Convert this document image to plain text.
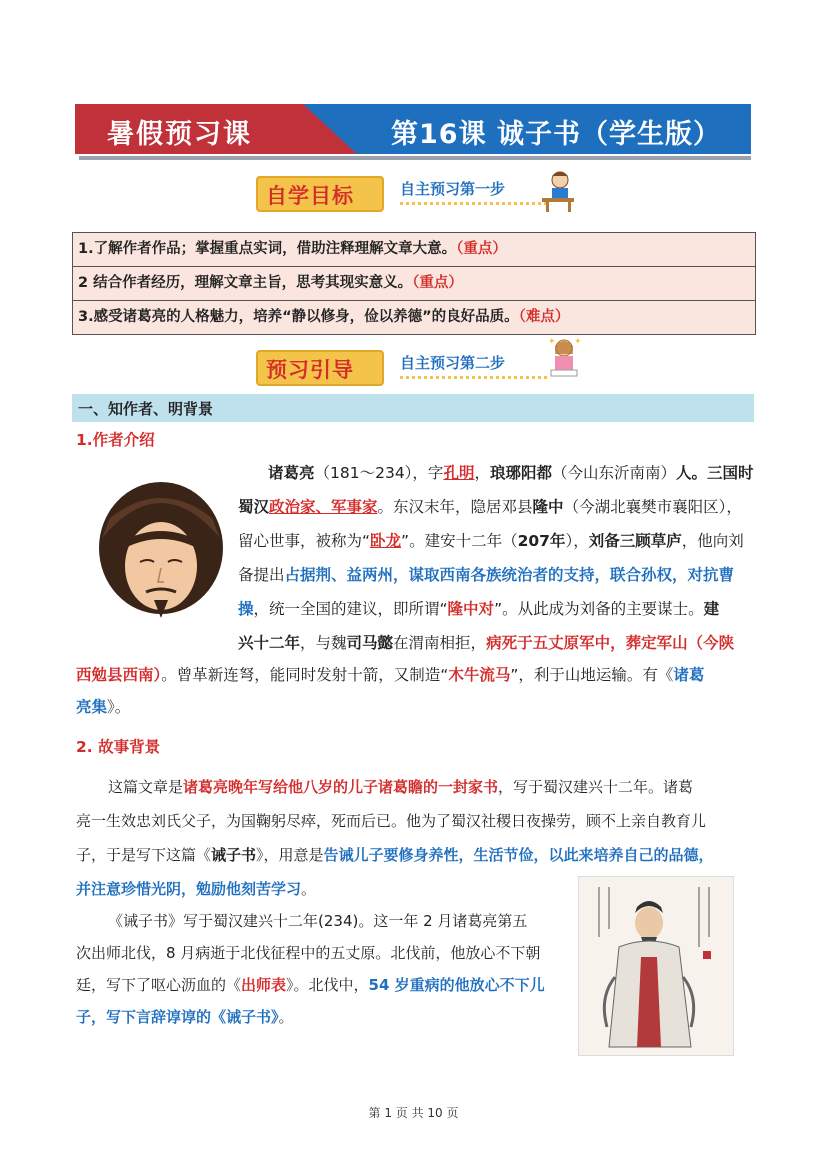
暑假预习课	第16课 诚子书（学生版）
自学目标	自主预习第一步
1.了解作者作品；掌握重点实词，借助注释理解文章大意。（重点）
2 结合作者经历，理解文章主旨，思考其现实意义。（重点）
3.感受诸葛亮的人格魅力，培养“静以修身，俭以养德”的良好品质。（难点）
预习引导	自主预习第二步
✦ ✦
一、知作者、明背景
1.作者介绍
诸葛亮（181～234），字孔明，琅琊阳都（今山东沂南南）人。三国时
蜀汉政治家、军事家。东汉末年，隐居邓县隆中（今湖北襄樊市襄阳区），
留心世事，被称为“卧龙”。建安十二年（207年），刘备三顾草庐，他向刘
备提出占据荆、益两州，谋取西南各族统治者的支持，联合孙权，对抗曹
操，统一全国的建议，即所谓“隆中对”。从此成为刘备的主要谋士。建
兴十二年，与魏司马懿在渭南相拒，病死于五丈原军中，葬定军山（今陕
西勉县西南）。曾革新连弩，能同时发射十箭，又制造“木牛流马”，利于山地运输。有《诸葛
亮集》。
2. 故事背景
这篇文章是诸葛亮晚年写给他八岁的儿子诸葛瞻的一封家书，写于蜀汉建兴十二年。诸葛
亮一生效忠刘氏父子，为国鞠躬尽瘁，死而后已。他为了蜀汉社稷日夜操劳，顾不上亲自教育儿
子，于是写下这篇《诫子书》，用意是告诫儿子要修身养性，生活节俭，以此来培养自己的品德，
并注意珍惜光阴，勉励他刻苦学习。
《诫子书》写于蜀汉建兴十二年(234)。这一年 2 月诸葛亮第五
次出师北伐，8 月病逝于北伐征程中的五丈原。北伐前，他放心不下朝
廷，写下了呕心沥血的《出师表》。北伐中，54 岁重病的他放心不下儿
子，写下言辞谆谆的《诫子书》。
第 1 页 共 10 页
